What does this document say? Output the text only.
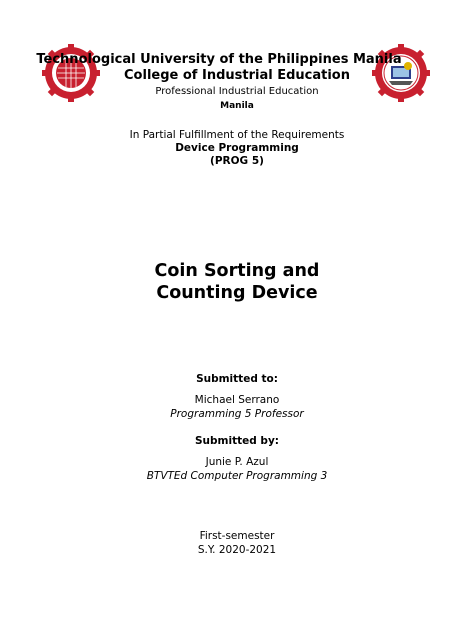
Technological University of the Philippines Manila
College of Industrial Education
Professional Industrial Education
Manila
In Partial Fulfillment of the Requirements
Device Programming
(PROG 5)
Coin Sorting and
Counting Device
Submitted to:
Michael Serrano
Programming 5 Professor
Submitted by:
Junie P. Azul
BTVTEd Computer Programming 3
First-semester
S.Y. 2020-2021
